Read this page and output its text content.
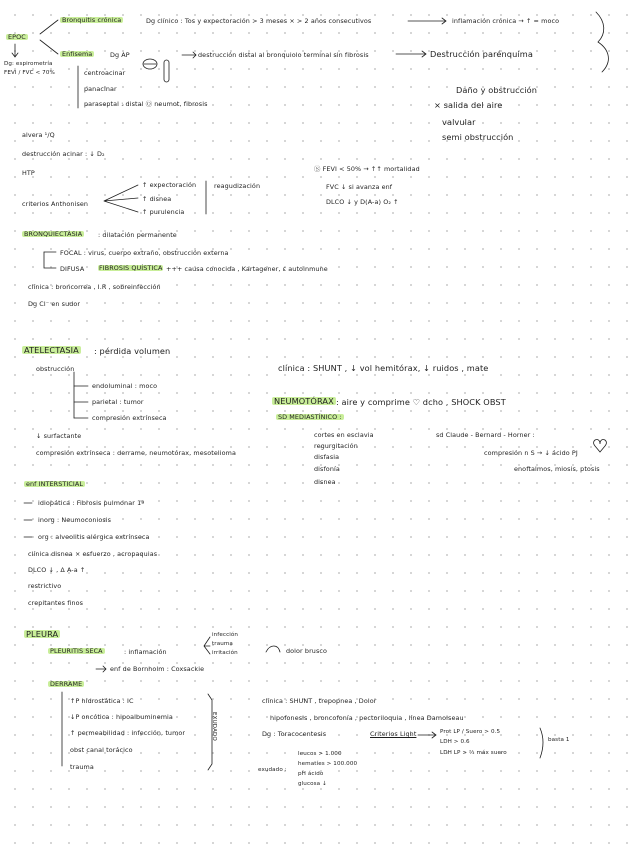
EPOC
Dg: espirometría
FEVI / FVC < 70%
Bronquitis crónica	Dg clínico : Tos y expectoración > 3 meses × > 2 años consecutivos	inflamación crónica → ↑ = moco
Enfisema	Dg AP	destrucción distal al bronquiolo terminal sin fibrosis	Destrucción parénquima
centroacinar
panacinar
paraseptal : distal Ⓞ neumot, fibrosis
Daño y obstrucción
× salida del aire
valvular
semi obstrucción
alvera ¹/Q
destrucción acinar : ↓ D₂
HTP
criterios Anthonisen
↑ expectoración
↑ disnea
↑ purulencia
reagudización
Ⓢ FEVI < 50% → ↑↑ mortalidad
FVC ↓ si avanza enf
DLCO ↓ y D(A-a) O₂ ↑
BRONQUIECTASIA	: dilatación permanente
FOCAL : virus, cuerpo extraño, obstrucción externa
DIFUSA FIBROSIS QUÍSTICA +++ causa conocida , Kartagener, ε autoinmune
clínica : broncorrea , I.R , sobreinfección
Dg Cl⁻ en sudor
ATELECTASIA : pérdida volumen
obstrucción
endoluminal : moco
parietal : tumor
compresión extrínseca
↓ surfactante
compresión extrínseca : derrame, neumotórax, mesotelioma
clínica : SHUNT , ↓ vol hemitórax, ↓ ruidos , mate
NEUMOTÓRAX : aire y comprime ♡ dcho , SHOCK OBST
SD MEDIASTÍNICO :
cortes en esclavia
regurgitación
disfasia
disfonía
disnea
sd Claude - Bernard - Horner :
compresión n S → ↓ ácido PJ
enoftalmos, miosis, ptosis
enf INTERSTICIAL
idiopática : Fibrosis pulmonar 1ª
inorg : Neumoconiosis
org : alveolitis alérgica extrínseca
clínica disnea × esfuerzo , acropaquias
DLCO ↓ , Δ A-a ↑
restrictivo
crepitantes finos
PLEURA
PLEURITIS SECA	: inflamación
infección
trauma
irritación	dolor brusco
enf de Bornholm : Coxsackie
DERRAME
↑P hidrostática : IC
↓P oncótica : hipoalbuminemia
↑ permeabilidad : infección, tumor
obst canal torácico
trauma
EXUDADO
clínica : SHUNT , trepopnea , Dolor
hipofonesis , broncofonía , pectoriloquia , línea Damoiseau
Dg : Toracocentesis	Criterios Light	Prot LP / Suero > 0.5
LDH > 0.6
LDH LP > ⅔ máx suero
basta 1
exudado :
leucos > 1.000
hematíes > 100.000
pH ácido
glucosa ↓
